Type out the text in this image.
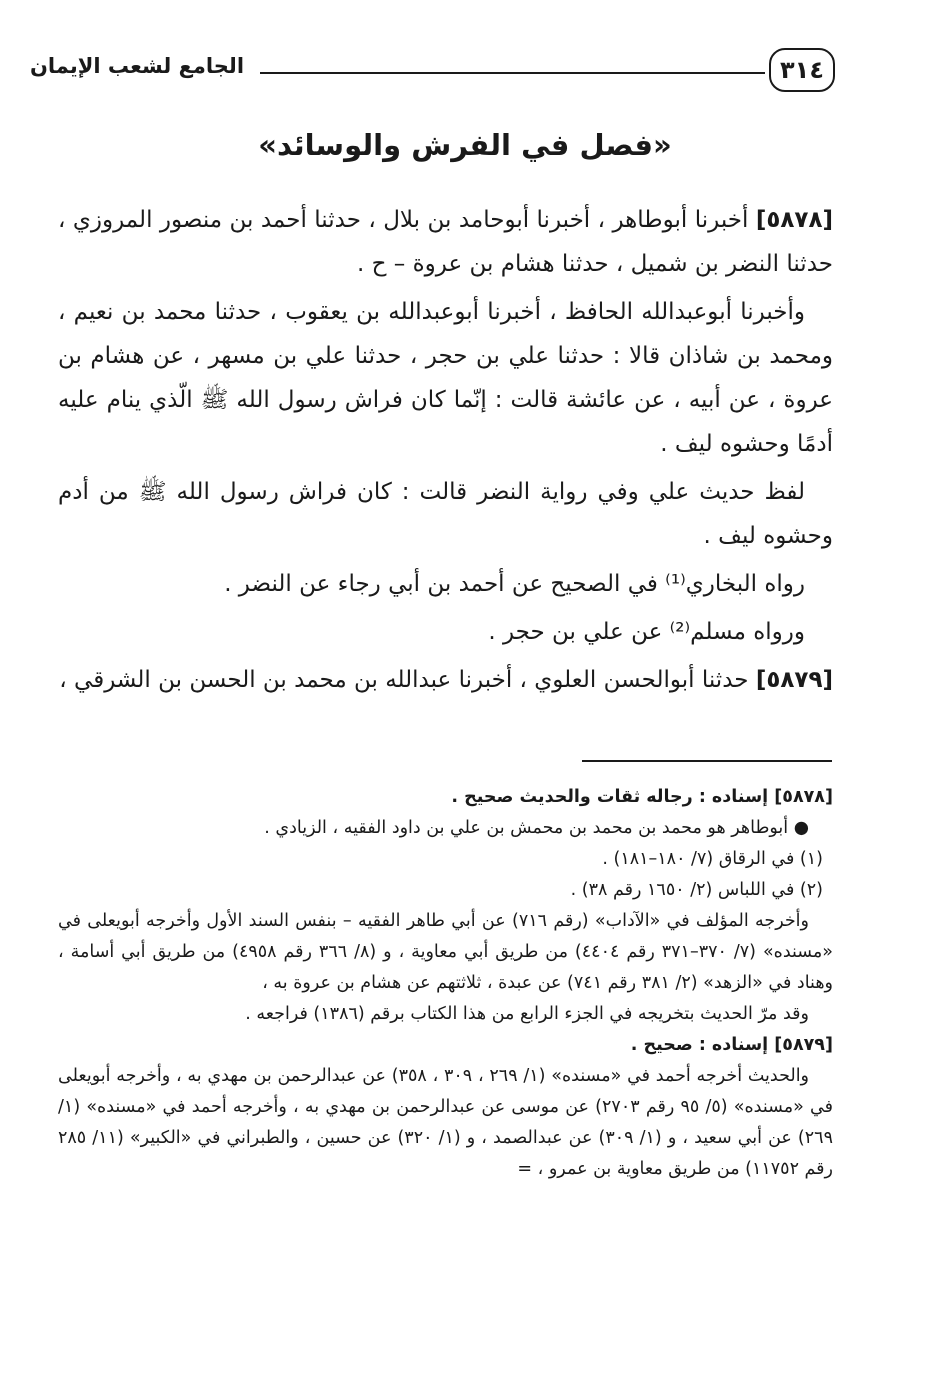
الجامع لشعب الإيمان	٣١٤
«فصل في الفرش والوسائد»

[٥٨٧٨] أخبرنا أبوطاهر ، أخبرنا أبوحامد بن بلال ، حدثنا أحمد بن منصور المروزي ، حدثنا النضر بن شميل ، حدثنا هشام بن عروة – ح .

وأخبرنا أبوعبدالله الحافظ ، أخبرنا أبوعبدالله بن يعقوب ، حدثنا محمد بن نعيم ، ومحمد بن شاذان قالا : حدثنا علي بن حجر ، حدثنا علي بن مسهر ، عن هشام بن عروة ، عن أبيه ، عن عائشة قالت : إنّما كان فراش رسول الله ﷺ الّذي ينام عليه أدمًا وحشوه ليف .

لفظ حديث علي وفي رواية النضر قالت : كان فراش رسول الله ﷺ من أدم وحشوه ليف .

رواه البخاري⁽¹⁾ في الصحيح عن أحمد بن أبي رجاء عن النضر .

ورواه مسلم⁽²⁾ عن علي بن حجر .

[٥٨٧٩] حدثنا أبوالحسن العلوي ، أخبرنا عبدالله بن محمد بن الحسن بن الشرقي ،

[٥٨٧٨] إسناده : رجاله ثقات والحديث صحيح .

● أبوطاهر هو محمد بن محمد بن محمش بن علي بن داود الفقيه ، الزيادي .

(١) في الرقاق (٧/ ١٨٠–١٨١) .

(٢) في اللباس (٢/ ١٦٥٠ رقم ٣٨) .

وأخرجه المؤلف في «الآداب» (رقم ٧١٦) عن أبي طاهر الفقيه – بنفس السند الأول وأخرجه أبويعلى في «مسنده» (٧/ ٣٧٠–٣٧١ رقم ٤٤٠٤) من طريق أبي معاوية ، و (٨/ ٣٦٦ رقم ٤٩٥٨) من طريق أبي أسامة ، وهناد في «الزهد» (٢/ ٣٨١ رقم ٧٤١) عن عبدة ، ثلاثتهم عن هشام بن عروة به ،

وقد مرّ الحديث بتخريجه في الجزء الرابع من هذا الكتاب برقم (١٣٨٦) فراجعه .

[٥٨٧٩] إسناده : صحيح .

والحديث أخرجه أحمد في «مسنده» (١/ ٢٦٩ ، ٣٠٩ ، ٣٥٨) عن عبدالرحمن بن مهدي به ، وأخرجه أبويعلى في «مسنده» (٥/ ٩٥ رقم ٢٧٠٣) عن موسى عن عبدالرحمن بن مهدي به ، وأخرجه أحمد في «مسنده» (١/ ٢٦٩) عن أبي سعيد ، و (١/ ٣٠٩) عن عبدالصمد ، و (١/ ٣٢٠) عن حسين ، والطبراني في «الكبير» (١١/ ٢٨٥ رقم ١١٧٥٢) من طريق معاوية بن عمرو ، =
